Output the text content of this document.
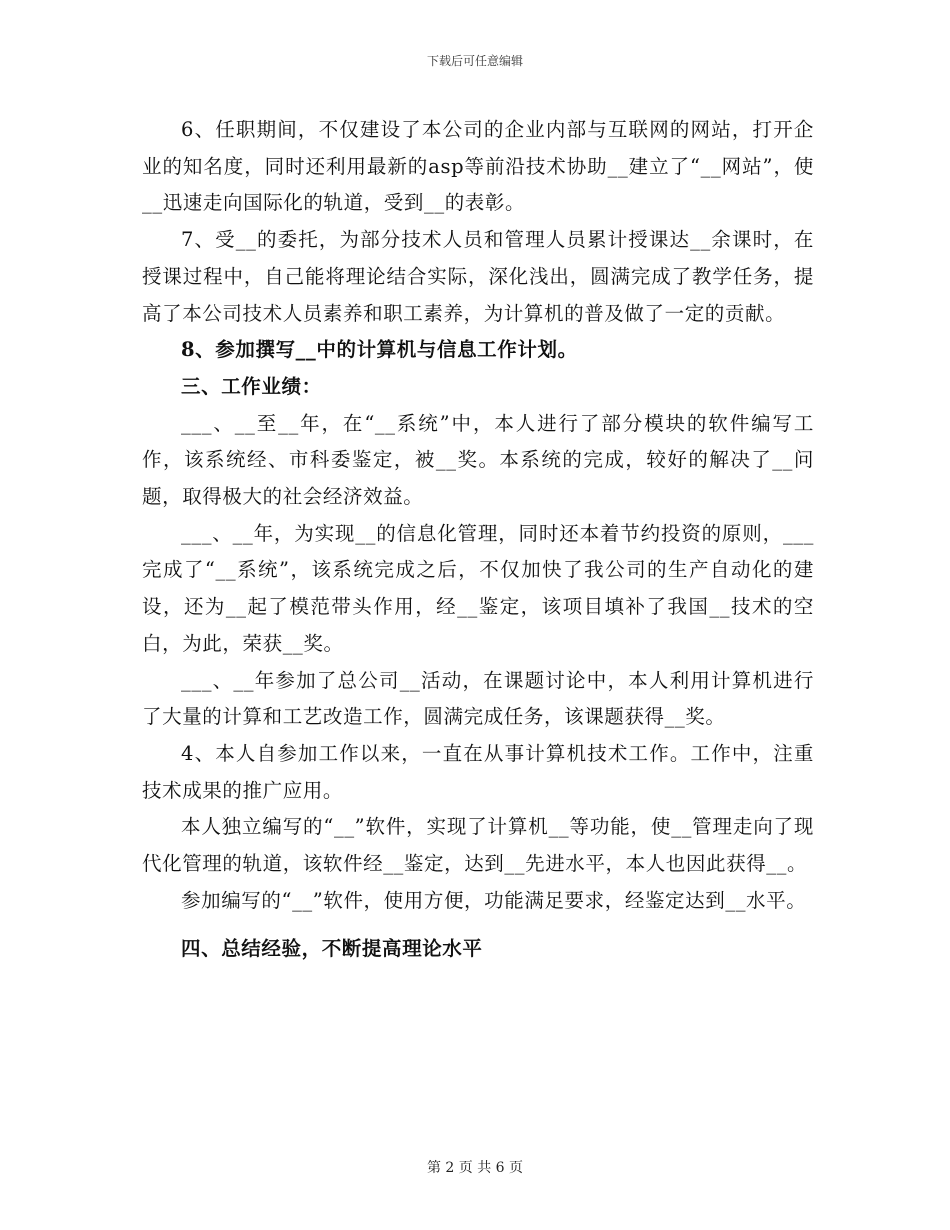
下载后可任意编辑

6、任职期间，不仅建设了本公司的企业内部与互联网的网站，打开企业的知名度，同时还利用最新的asp等前沿技术协助__建立了“__网站”，使__迅速走向国际化的轨道，受到__的表彰。

7、受__的委托，为部分技术人员和管理人员累计授课达__余课时，在授课过程中，自己能将理论结合实际，深化浅出，圆满完成了教学任务，提高了本公司技术人员素养和职工素养，为计算机的普及做了一定的贡献。

8、参加撰写__中的计算机与信息工作计划。

三、工作业绩：

___、__至__年，在“__系统”中，本人进行了部分模块的软件编写工作，该系统经、市科委鉴定，被__奖。本系统的完成，较好的解决了__问题，取得极大的社会经济效益。

___、__年，为实现__的信息化管理，同时还本着节约投资的原则，___完成了“__系统”，该系统完成之后，不仅加快了我公司的生产自动化的建设，还为__起了模范带头作用，经__鉴定，该项目填补了我国__技术的空白，为此，荣获__奖。

___、__年参加了总公司__活动，在课题讨论中，本人利用计算机进行了大量的计算和工艺改造工作，圆满完成任务，该课题获得__奖。

4、本人自参加工作以来，一直在从事计算机技术工作。工作中，注重技术成果的推广应用。

本人独立编写的“__”软件，实现了计算机__等功能，使__管理走向了现代化管理的轨道，该软件经__鉴定，达到__先进水平，本人也因此获得__。

参加编写的“__”软件，使用方便，功能满足要求，经鉴定达到__水平。

四、总结经验，不断提高理论水平

第 2 页 共 6 页
